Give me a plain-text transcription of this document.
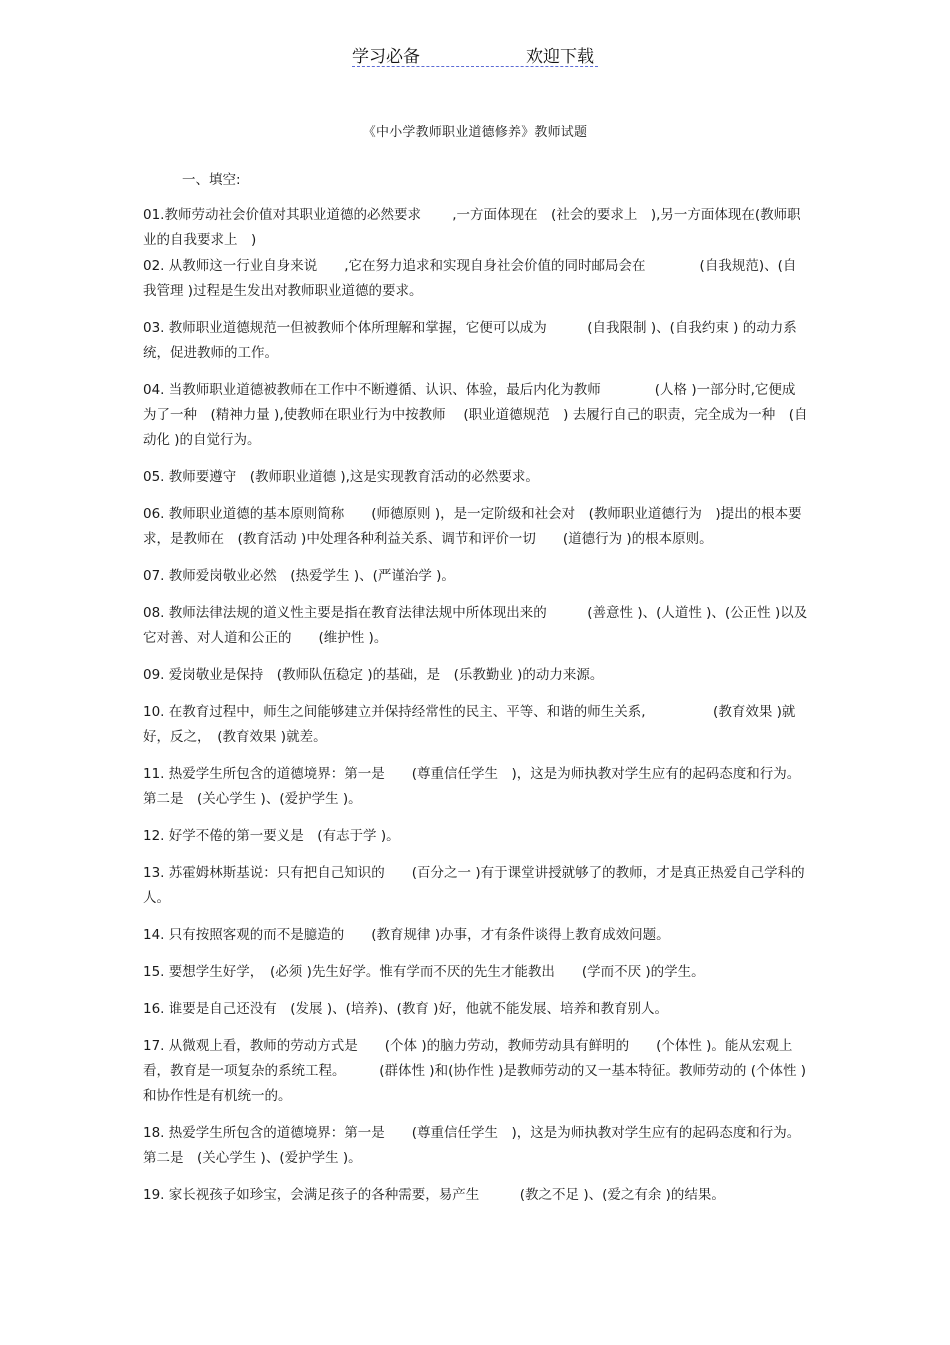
学习必备	欢迎下载
《中小学教师职业道德修养》教师试题
一、填空:

01.教师劳动社会价值对其职业道德的必然要求　　 ,一方面体现在　(社会的要求上　),另一方面体现在(教师职业的自我要求上　)

02. 从教师这一行业自身来说　　,它在努力追求和实现自身社会价值的同时邮局会在　　　　(自我规范)、(自我管理 )过程是生发出对教师职业道德的要求。

03. 教师职业道德规范一但被教师个体所理解和掌握，它便可以成为　　　(自我限制 )、(自我约束 ) 的动力系统，促进教师的工作。

04. 当教师职业道德被教师在工作中不断遵循、认识、体验，最后内化为教师　　　　(人格 )一部分时,它便成为了一种　(精神力量 ),使教师在职业行为中按教师　 (职业道德规范　) 去履行自己的职责，完全成为一种　(自动化 )的自觉行为。

05. 教师要遵守　(教师职业道德 ),这是实现教育活动的必然要求。

06. 教师职业道德的基本原则简称　　(师德原则 )，是一定阶级和社会对　(教师职业道德行为　)提出的根本要求，是教师在　(教育活动 )中处理各种利益关系、调节和评价一切　　(道德行为 )的根本原则。

07. 教师爱岗敬业必然　(热爱学生 )、(严谨治学 )。

08. 教师法律法规的道义性主要是指在教育法律法规中所体现出来的　　　(善意性 )、(人道性 )、(公正性 )以及它对善、对人道和公正的　　(维护性 )。

09. 爱岗敬业是保持　(教师队伍稳定 )的基础，是　(乐教勤业 )的动力来源。

10. 在教育过程中，师生之间能够建立并保持经常性的民主、平等、和谐的师生关系,　　　　　(教育效果 )就好，反之，　(教育效果 )就差。

11. 热爱学生所包含的道德境界：第一是　　(尊重信任学生　)，这是为师执教对学生应有的起码态度和行为。第二是　(关心学生 )、(爱护学生 )。

12. 好学不倦的第一要义是　(有志于学 )。

13. 苏霍姆林斯基说：只有把自己知识的　　(百分之一 )有于课堂讲授就够了的教师，才是真正热爱自己学科的人。

14. 只有按照客观的而不是臆造的　　(教育规律 )办事，才有条件谈得上教育成效问题。

15. 要想学生好学，　(必须 )先生好学。惟有学而不厌的先生才能教出　　(学而不厌 )的学生。

16. 谁要是自己还没有　(发展 )、(培养)、(教育 )好，他就不能发展、培养和教育别人。

17. 从微观上看，教师的劳动方式是　　(个体 )的脑力劳动，教师劳动具有鲜明的　　(个体性 )。能从宏观上看，教育是一项复杂的系统工程。　　　(群体性 )和(协作性 )是教师劳动的又一基本特征。教师劳动的 (个体性 )和协作性是有机统一的。

18. 热爱学生所包含的道德境界：第一是　　(尊重信任学生　)，这是为师执教对学生应有的起码态度和行为。第二是　(关心学生 )、(爱护学生 )。

19. 家长视孩子如珍宝，会满足孩子的各种需要，易产生　　　(教之不足 )、(爱之有余 )的结果。
